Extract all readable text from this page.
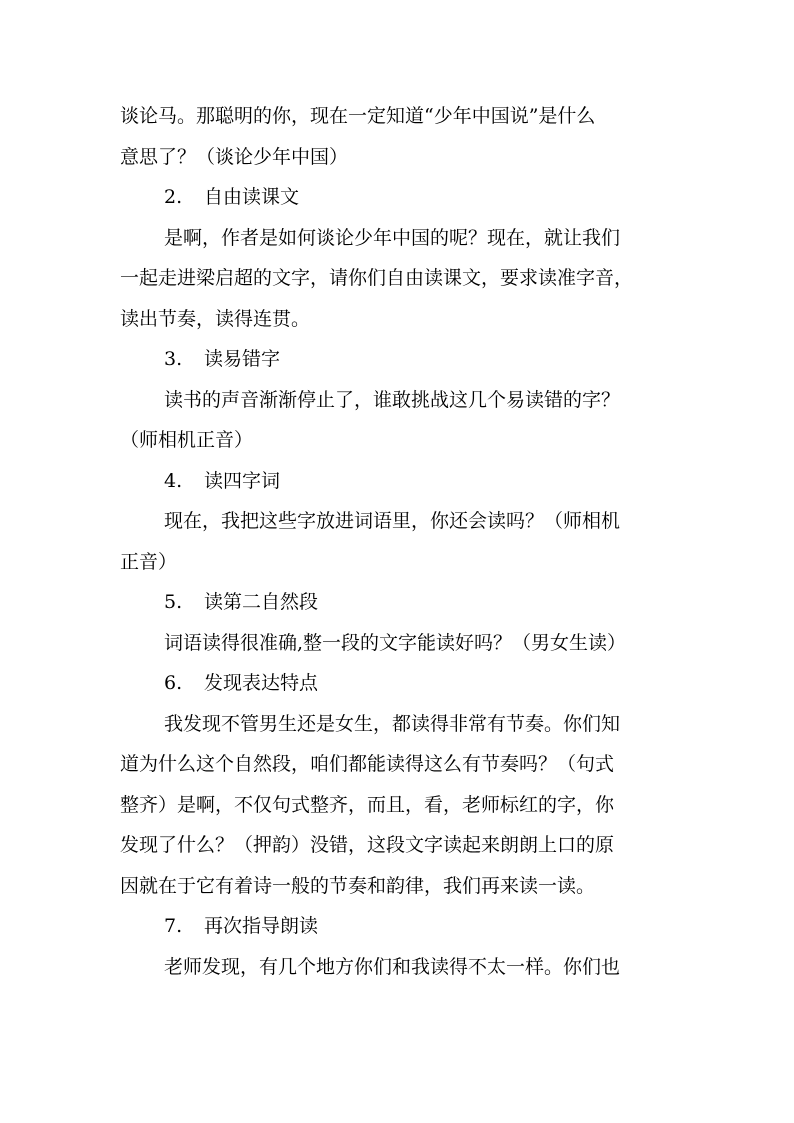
谈论马。那聪明的你，现在一定知道“少年中国说”是什么
意思了？（谈论少年中国）
2. 自由读课文
是啊，作者是如何谈论少年中国的呢？现在，就让我们
一起走进梁启超的文字，请你们自由读课文，要求读准字音，
读出节奏，读得连贯。
3. 读易错字
读书的声音渐渐停止了，谁敢挑战这几个易读错的字？
（师相机正音）
4. 读四字词
现在，我把这些字放进词语里，你还会读吗？（师相机
正音）
5. 读第二自然段
词语读得很准确,整一段的文字能读好吗？（男女生读）
6. 发现表达特点
我发现不管男生还是女生，都读得非常有节奏。你们知
道为什么这个自然段，咱们都能读得这么有节奏吗？（句式
整齐）是啊，不仅句式整齐，而且，看，老师标红的字，你
发现了什么？（押韵）没错，这段文字读起来朗朗上口的原
因就在于它有着诗一般的节奏和韵律，我们再来读一读。
7. 再次指导朗读
老师发现，有几个地方你们和我读得不太一样。你们也
